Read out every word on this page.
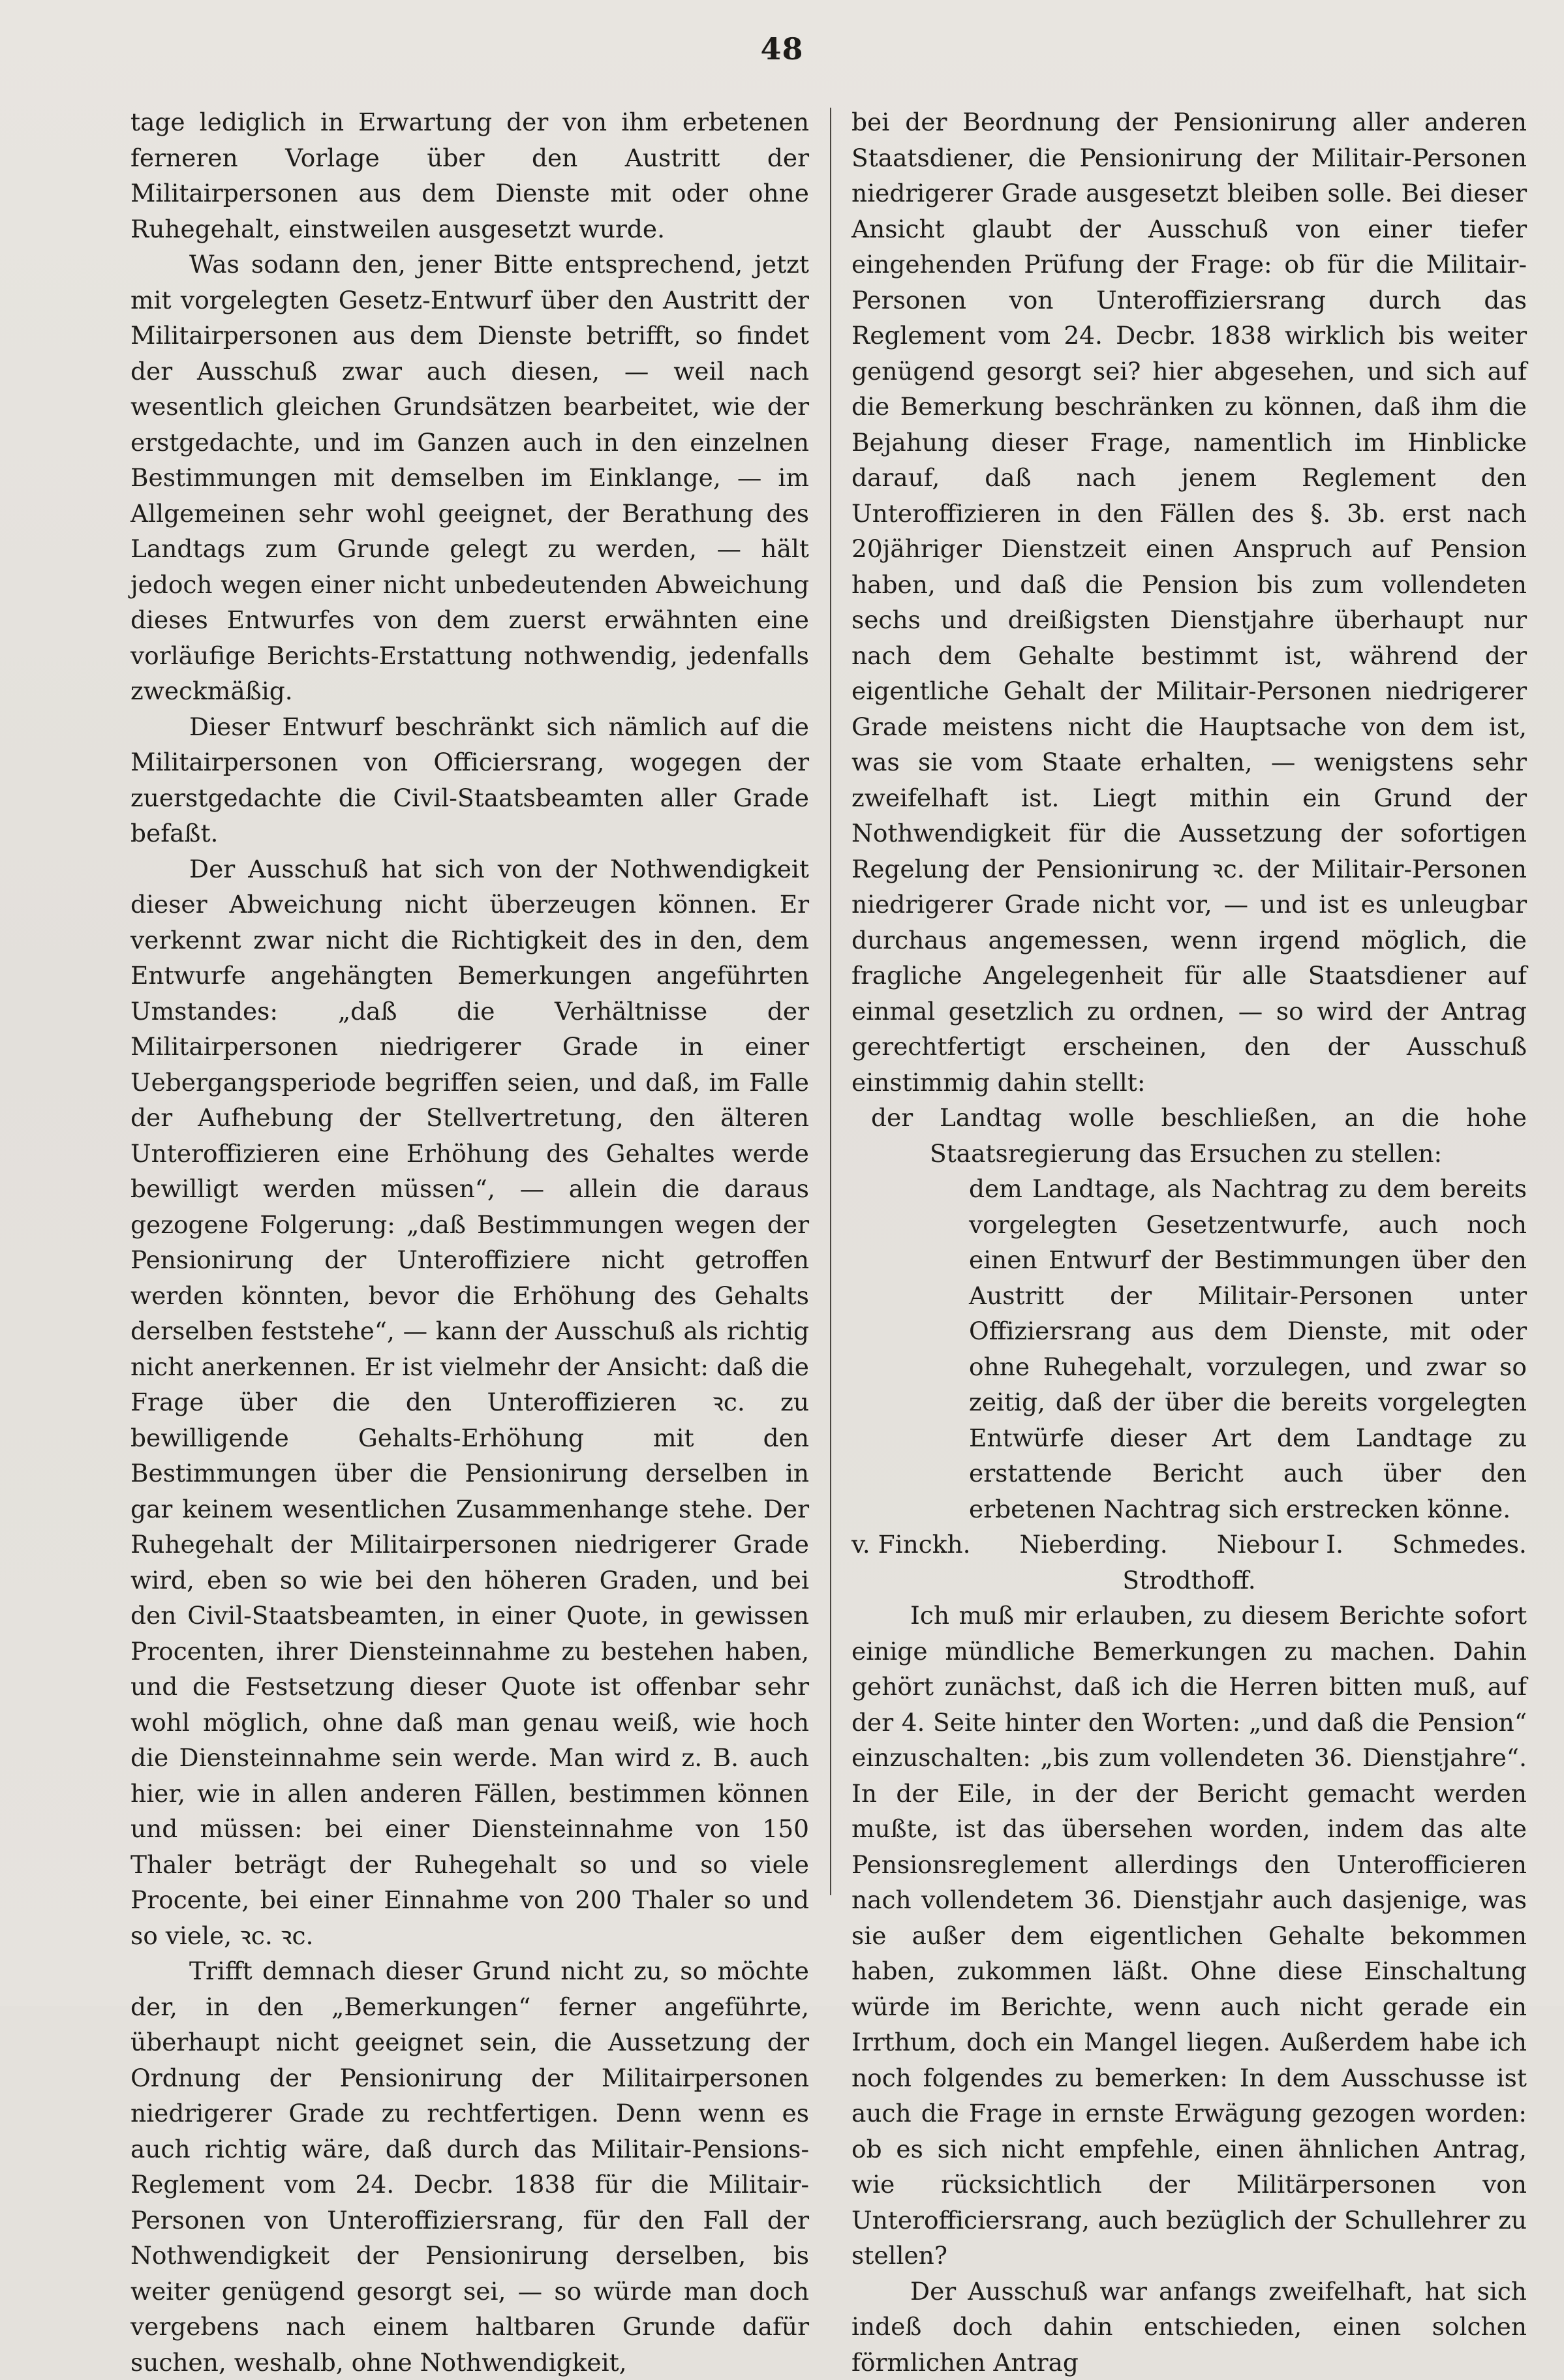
48

tage lediglich in Erwartung der von ihm erbetenen ferneren Vorlage über den Austritt der Militairpersonen aus dem Dienste mit oder ohne Ruhegehalt, einstweilen ausgesetzt wurde.

Was sodann den, jener Bitte entsprechend, jetzt mit vorgelegten Gesetz-Entwurf über den Austritt der Militairpersonen aus dem Dienste betrifft, so findet der Ausschuß zwar auch diesen, — weil nach wesentlich gleichen Grundsätzen bearbeitet, wie der erstgedachte, und im Ganzen auch in den einzelnen Bestimmungen mit demselben im Einklange, — im Allgemeinen sehr wohl geeignet, der Berathung des Landtags zum Grunde gelegt zu werden, — hält jedoch wegen einer nicht unbedeutenden Abweichung dieses Entwurfes von dem zuerst erwähnten eine vorläufige Berichts-Erstattung nothwendig, jedenfalls zweckmäßig.

Dieser Entwurf beschränkt sich nämlich auf die Militairpersonen von Officiersrang, wogegen der zuerstgedachte die Civil-Staatsbeamten aller Grade befaßt.

Der Ausschuß hat sich von der Nothwendigkeit dieser Abweichung nicht überzeugen können. Er verkennt zwar nicht die Richtigkeit des in den, dem Entwurfe angehängten Bemerkungen angeführten Umstandes: „daß die Verhältnisse der Militairpersonen niedrigerer Grade in einer Uebergangsperiode begriffen seien, und daß, im Falle der Aufhebung der Stellvertretung, den älteren Unteroffizieren eine Erhöhung des Gehaltes werde bewilligt werden müssen“, — allein die daraus gezogene Folgerung: „daß Bestimmungen wegen der Pensionirung der Unteroffiziere nicht getroffen werden könnten, bevor die Erhöhung des Gehalts derselben feststehe“, — kann der Ausschuß als richtig nicht anerkennen. Er ist vielmehr der Ansicht: daß die Frage über die den Unteroffizieren ꝛc. zu bewilligende Gehalts-Erhöhung mit den Bestimmungen über die Pensionirung derselben in gar keinem wesentlichen Zusammenhange stehe. Der Ruhegehalt der Militairpersonen niedrigerer Grade wird, eben so wie bei den höheren Graden, und bei den Civil-Staatsbeamten, in einer Quote, in gewissen Procenten, ihrer Diensteinnahme zu bestehen haben, und die Festsetzung dieser Quote ist offenbar sehr wohl möglich, ohne daß man genau weiß, wie hoch die Diensteinnahme sein werde. Man wird z. B. auch hier, wie in allen anderen Fällen, bestimmen können und müssen: bei einer Diensteinnahme von 150 Thaler beträgt der Ruhegehalt so und so viele Procente, bei einer Einnahme von 200 Thaler so und so viele, ꝛc. ꝛc.

Trifft demnach dieser Grund nicht zu, so möchte der, in den „Bemerkungen“ ferner angeführte, überhaupt nicht geeignet sein, die Aussetzung der Ordnung der Pensionirung der Militairpersonen niedrigerer Grade zu rechtfertigen. Denn wenn es auch richtig wäre, daß durch das Militair-Pensions-Reglement vom 24. Decbr. 1838 für die Militair-Personen von Unteroffiziersrang, für den Fall der Nothwendigkeit der Pensionirung derselben, bis weiter genügend gesorgt sei, — so würde man doch vergebens nach einem haltbaren Grunde dafür suchen, weshalb, ohne Nothwendigkeit,

bei der Beordnung der Pensionirung aller anderen Staatsdiener, die Pensionirung der Militair-Personen niedrigerer Grade ausgesetzt bleiben solle. Bei dieser Ansicht glaubt der Ausschuß von einer tiefer eingehenden Prüfung der Frage: ob für die Militair-Personen von Unteroffiziersrang durch das Reglement vom 24. Decbr. 1838 wirklich bis weiter genügend gesorgt sei? hier abgesehen, und sich auf die Bemerkung beschränken zu können, daß ihm die Bejahung dieser Frage, namentlich im Hinblicke darauf, daß nach jenem Reglement den Unteroffizieren in den Fällen des §. 3b. erst nach 20jähriger Dienstzeit einen Anspruch auf Pension haben, und daß die Pension bis zum vollendeten sechs und dreißigsten Dienstjahre überhaupt nur nach dem Gehalte bestimmt ist, während der eigentliche Gehalt der Militair-Personen niedrigerer Grade meistens nicht die Hauptsache von dem ist, was sie vom Staate erhalten, — wenigstens sehr zweifelhaft ist. Liegt mithin ein Grund der Nothwendigkeit für die Aussetzung der sofortigen Regelung der Pensionirung ꝛc. der Militair-Personen niedrigerer Grade nicht vor, — und ist es unleugbar durchaus angemessen, wenn irgend möglich, die fragliche Angelegenheit für alle Staatsdiener auf einmal gesetzlich zu ordnen, — so wird der Antrag gerechtfertigt erscheinen, den der Ausschuß einstimmig dahin stellt:

der Landtag wolle beschließen, an die hohe Staatsregierung das Ersuchen zu stellen:

dem Landtage, als Nachtrag zu dem bereits vorgelegten Gesetzentwurfe, auch noch einen Entwurf der Bestimmungen über den Austritt der Militair-Personen unter Offiziersrang aus dem Dienste, mit oder ohne Ruhegehalt, vorzulegen, und zwar so zeitig, daß der über die bereits vorgelegten Entwürfe dieser Art dem Landtage zu erstattende Bericht auch über den erbetenen Nachtrag sich erstrecken könne.

v. Finckh. Nieberding. Niebour I. Schmedes.

Strodthoff.

Ich muß mir erlauben, zu diesem Berichte sofort einige mündliche Bemerkungen zu machen. Dahin gehört zunächst, daß ich die Herren bitten muß, auf der 4. Seite hinter den Worten: „und daß die Pension“ einzuschalten: „bis zum vollendeten 36. Dienstjahre“. In der Eile, in der der Bericht gemacht werden mußte, ist das übersehen worden, indem das alte Pensionsreglement allerdings den Unterofficieren nach vollendetem 36. Dienstjahr auch dasjenige, was sie außer dem eigentlichen Gehalte bekommen haben, zukommen läßt. Ohne diese Einschaltung würde im Berichte, wenn auch nicht gerade ein Irrthum, doch ein Mangel liegen. Außerdem habe ich noch folgendes zu bemerken: In dem Ausschusse ist auch die Frage in ernste Erwägung gezogen worden: ob es sich nicht empfehle, einen ähnlichen Antrag, wie rücksichtlich der Militärpersonen von Unterofficiersrang, auch bezüglich der Schullehrer zu stellen?

Der Ausschuß war anfangs zweifelhaft, hat sich indeß doch dahin entschieden, einen solchen förmlichen Antrag
